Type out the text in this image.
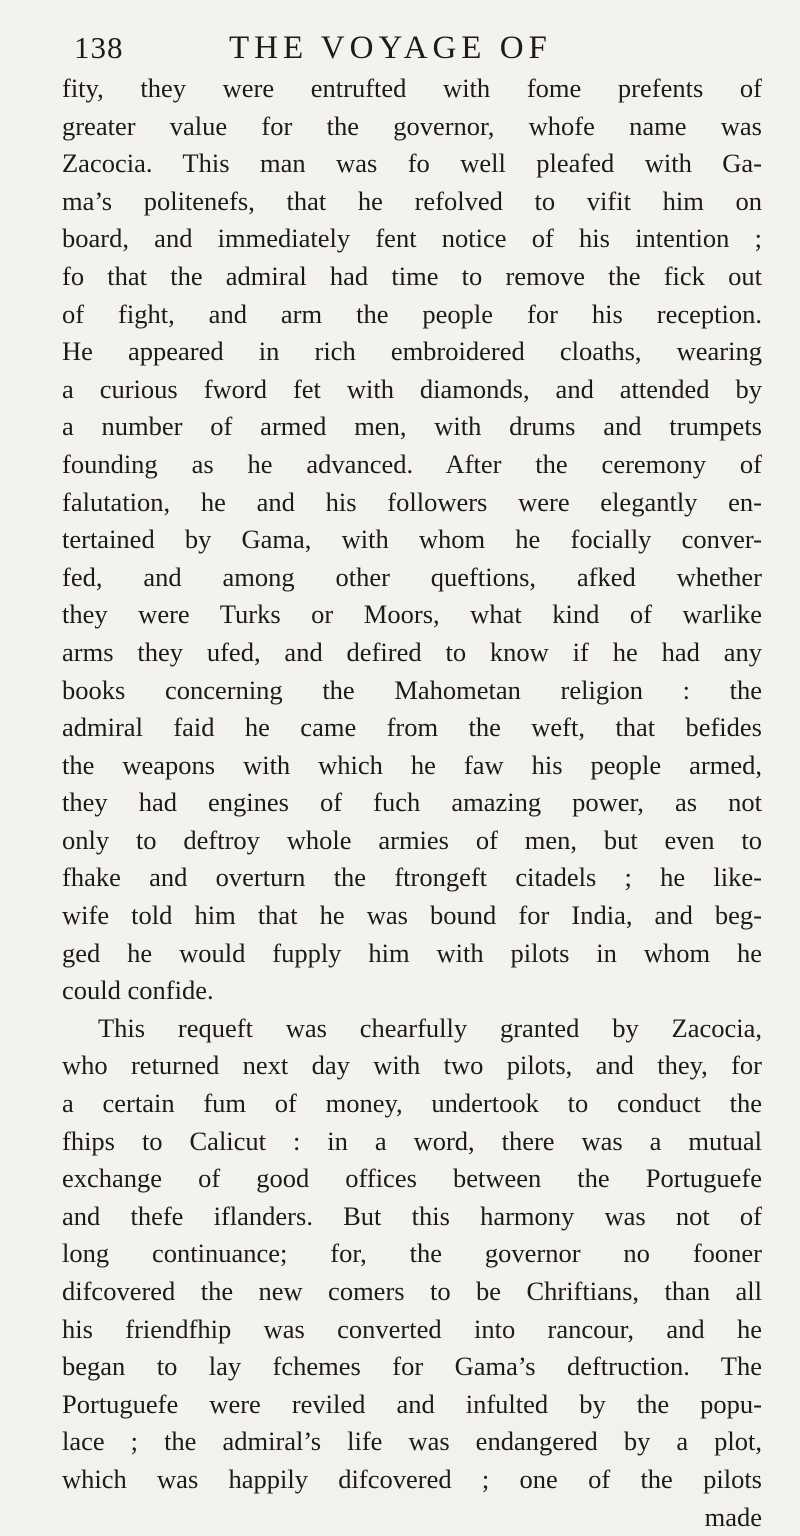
138	THE VOYAGE OF
fity, they were entrufted with fome prefents of
greater value for the governor, whofe name was
Zacocia. This man was fo well pleafed with Ga-
ma’s politenefs, that he refolved to vifit him on
board, and immediately fent notice of his intention ;
fo that the admiral had time to remove the fick out
of fight, and arm the people for his reception.
He appeared in rich embroidered cloaths, wearing
a curious fword fet with diamonds, and attended by
a number of armed men, with drums and trumpets
founding as he advanced. After the ceremony of
falutation, he and his followers were elegantly en-
tertained by Gama, with whom he focially conver-
fed, and among other queftions, afked whether
they were Turks or Moors, what kind of warlike
arms they ufed, and defired to know if he had any
books concerning the Mahometan religion : the
admiral faid he came from the weft, that befides
the weapons with which he faw his people armed,
they had engines of fuch amazing power, as not
only to deftroy whole armies of men, but even to
fhake and overturn the ftrongeft citadels ; he like-
wife told him that he was bound for India, and beg-
ged he would fupply him with pilots in whom he
could confide.
This requeft was chearfully granted by Zacocia,
who returned next day with two pilots, and they, for
a certain fum of money, undertook to conduct the
fhips to Calicut : in a word, there was a mutual
exchange of good offices between the Portuguefe
and thefe iflanders. But this harmony was not of
long continuance; for, the governor no fooner
difcovered the new comers to be Chriftians, than all
his friendfhip was converted into rancour, and he
began to lay fchemes for Gama’s deftruction. The
Portuguefe were reviled and infulted by the popu-
lace ; the admiral’s life was endangered by a plot,
which was happily difcovered ; one of the pilots
made
